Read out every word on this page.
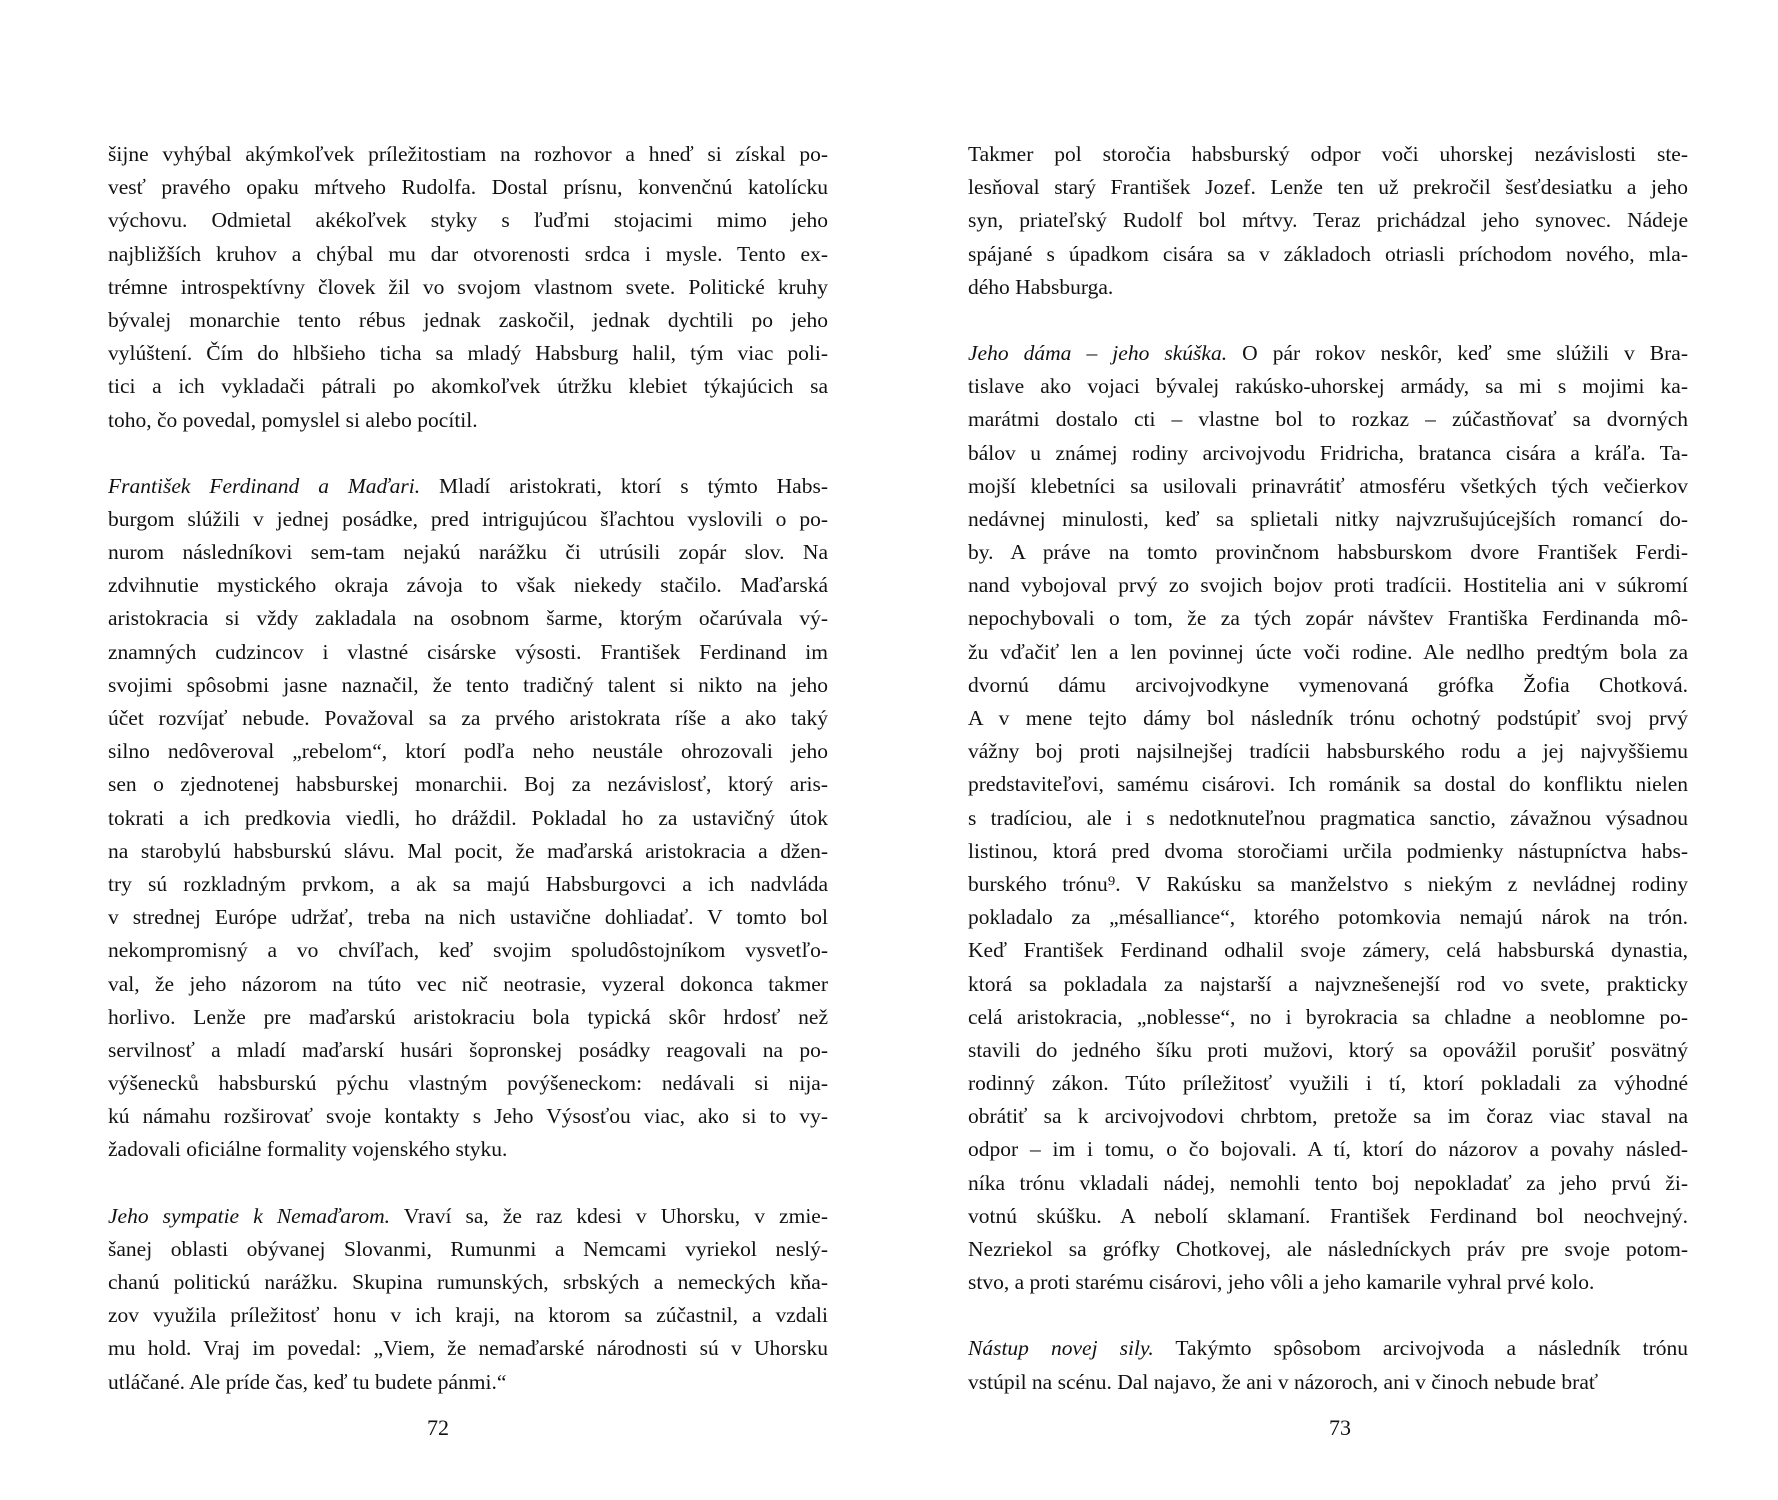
šijne vyhýbal akýmkoľvek príležitostiam na rozhovor a hneď si získal po-
vesť pravého opaku mŕtveho Rudolfa. Dostal prísnu, konvenčnú katolícku
výchovu. Odmietal akékoľvek styky s ľuďmi stojacimi mimo jeho
najbližších kruhov a chýbal mu dar otvorenosti srdca i mysle. Tento ex-
trémne introspektívny človek žil vo svojom vlastnom svete. Politické kruhy
bývalej monarchie tento rébus jednak zaskočil, jednak dychtili po jeho
vylúštení. Čím do hlbšieho ticha sa mladý Habsburg halil, tým viac poli-
tici a ich vykladači pátrali po akomkoľvek útržku klebiet týkajúcich sa
toho, čo povedal, pomyslel si alebo pocítil.
František Ferdinand a Maďari. Mladí aristokrati, ktorí s týmto Habs-
burgom slúžili v jednej posádke, pred intrigujúcou šľachtou vyslovili o po-
nurom následníkovi sem-tam nejakú narážku či utrúsili zopár slov. Na
zdvihnutie mystického okraja závoja to však niekedy stačilo. Maďarská
aristokracia si vždy zakladala na osobnom šarme, ktorým očarúvala vý-
znamných cudzincov i vlastné cisárske výsosti. František Ferdinand im
svojimi spôsobmi jasne naznačil, že tento tradičný talent si nikto na jeho
účet rozvíjať nebude. Považoval sa za prvého aristokrata ríše a ako taký
silno nedôveroval „rebelom“, ktorí podľa neho neustále ohrozovali jeho
sen o zjednotenej habsburskej monarchii. Boj za nezávislosť, ktorý aris-
tokrati a ich predkovia viedli, ho dráždil. Pokladal ho za ustavičný útok
na starobylú habsburskú slávu. Mal pocit, že maďarská aristokracia a džen-
try sú rozkladným prvkom, a ak sa majú Habsburgovci a ich nadvláda
v strednej Európe udržať, treba na nich ustavične dohliadať. V tomto bol
nekompromisný a vo chvíľach, keď svojim spoludôstojníkom vysvetľo-
val, že jeho názorom na túto vec nič neotrasie, vyzeral dokonca takmer
horlivo. Lenže pre maďarskú aristokraciu bola typická skôr hrdosť než
servilnosť a mladí maďarskí husári šopronskej posádky reagovali na po-
výšenecků habsburskú pýchu vlastným povýšeneckom: nedávali si nija-
kú námahu rozširovať svoje kontakty s Jeho Výsosťou viac, ako si to vy-
žadovali oficiálne formality vojenského styku.
Jeho sympatie k Nemaďarom. Vraví sa, že raz kdesi v Uhorsku, v zmie-
šanej oblasti obývanej Slovanmi, Rumunmi a Nemcami vyriekol neslý-
chanú politickú narážku. Skupina rumunských, srbských a nemeckých kňa-
zov využila príležitosť honu v ich kraji, na ktorom sa zúčastnil, a vzdali
mu hold. Vraj im povedal: „Viem, že nemaďarské národnosti sú v Uhorsku
utláčané. Ale príde čas, keď tu budete pánmi.“
72
Takmer pol storočia habsburský odpor voči uhorskej nezávislosti ste-
lesňoval starý František Jozef. Lenže ten už prekročil šesťdesiatku a jeho
syn, priateľský Rudolf bol mŕtvy. Teraz prichádzal jeho synovec. Nádeje
spájané s úpadkom cisára sa v základoch otriasli príchodom nového, mla-
dého Habsburga.
Jeho dáma – jeho skúška. O pár rokov neskôr, keď sme slúžili v Bra-
tislave ako vojaci bývalej rakúsko-uhorskej armády, sa mi s mojimi ka-
marátmi dostalo cti – vlastne bol to rozkaz – zúčastňovať sa dvorných
bálov u známej rodiny arcivojvodu Fridricha, bratanca cisára a kráľa. Ta-
mojší klebetníci sa usilovali prinavrátiť atmosféru všetkých tých večierkov
nedávnej minulosti, keď sa splietali nitky najvzrušujúcejších romancí do-
by. A práve na tomto provinčnom habsburskom dvore František Ferdi-
nand vybojoval prvý zo svojich bojov proti tradícii. Hostitelia ani v súkromí
nepochybovali o tom, že za tých zopár návštev Františka Ferdinanda mô-
žu vďačiť len a len povinnej úcte voči rodine. Ale nedlho predtým bola za
dvornú dámu arcivojvodkyne vymenovaná grófka Žofia Chotková.
A v mene tejto dámy bol následník trónu ochotný podstúpiť svoj prvý
vážny boj proti najsilnejšej tradícii habsburského rodu a jej najvyššiemu
predstaviteľovi, samému cisárovi. Ich románik sa dostal do konfliktu nielen
s tradíciou, ale i s nedotknuteľnou pragmatica sanctio, závažnou výsadnou
listinou, ktorá pred dvoma storočiami určila podmienky nástupníctva habs-
burského trónu⁹. V Rakúsku sa manželstvo s niekým z nevládnej rodiny
pokladalo za „mésalliance“, ktorého potomkovia nemajú nárok na trón.
Keď František Ferdinand odhalil svoje zámery, celá habsburská dynastia,
ktorá sa pokladala za najstarší a najvznešenejší rod vo svete, prakticky
celá aristokracia, „noblesse“, no i byrokracia sa chladne a neoblomne po-
stavili do jedného šíku proti mužovi, ktorý sa opovážil porušiť posvätný
rodinný zákon. Túto príležitosť využili i tí, ktorí pokladali za výhodné
obrátiť sa k arcivojvodovi chrbtom, pretože sa im čoraz viac staval na
odpor – im i tomu, o čo bojovali. A tí, ktorí do názorov a povahy násled-
níka trónu vkladali nádej, nemohli tento boj nepokladať za jeho prvú ži-
votnú skúšku. A nebolí sklamaní. František Ferdinand bol neochvejný.
Nezriekol sa grófky Chotkovej, ale následníckych práv pre svoje potom-
stvo, a proti starému cisárovi, jeho vôli a jeho kamarile vyhral prvé kolo.
Nástup novej sily. Takýmto spôsobom arcivojvoda a následník trónu
vstúpil na scénu. Dal najavo, že ani v názoroch, ani v činoch nebude brať
73
